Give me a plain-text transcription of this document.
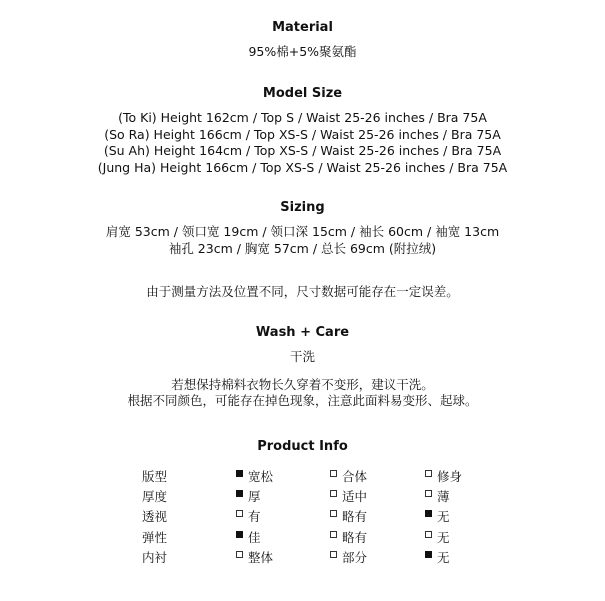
Material

95%棉+5%聚氨酯

Model Size

(To Ki) Height 162cm / Top S / Waist 25-26 inches / Bra 75A

(So Ra) Height 166cm / Top XS-S / Waist 25-26 inches / Bra 75A

(Su Ah) Height 164cm / Top XS-S / Waist 25-26 inches / Bra 75A

(Jung Ha) Height 166cm / Top XS-S / Waist 25-26 inches / Bra 75A

Sizing

肩宽 53cm / 领口宽 19cm / 领口深 15cm / 袖长 60cm / 袖宽 13cm

袖孔 23cm / 胸宽 57cm / 总长 69cm (附拉绒)

由于测量方法及位置不同，尺寸数据可能存在一定误差。

Wash + Care

干洗

若想保持棉料衣物长久穿着不变形，建议干洗。

根据不同颜色，可能存在掉色现象，注意此面料易变形、起球。

Product Info

版型	宽松	合体	修身
厚度	厚	适中	薄
透视	有	略有	无
弹性	佳	略有	无
内衬	整体	部分	无
